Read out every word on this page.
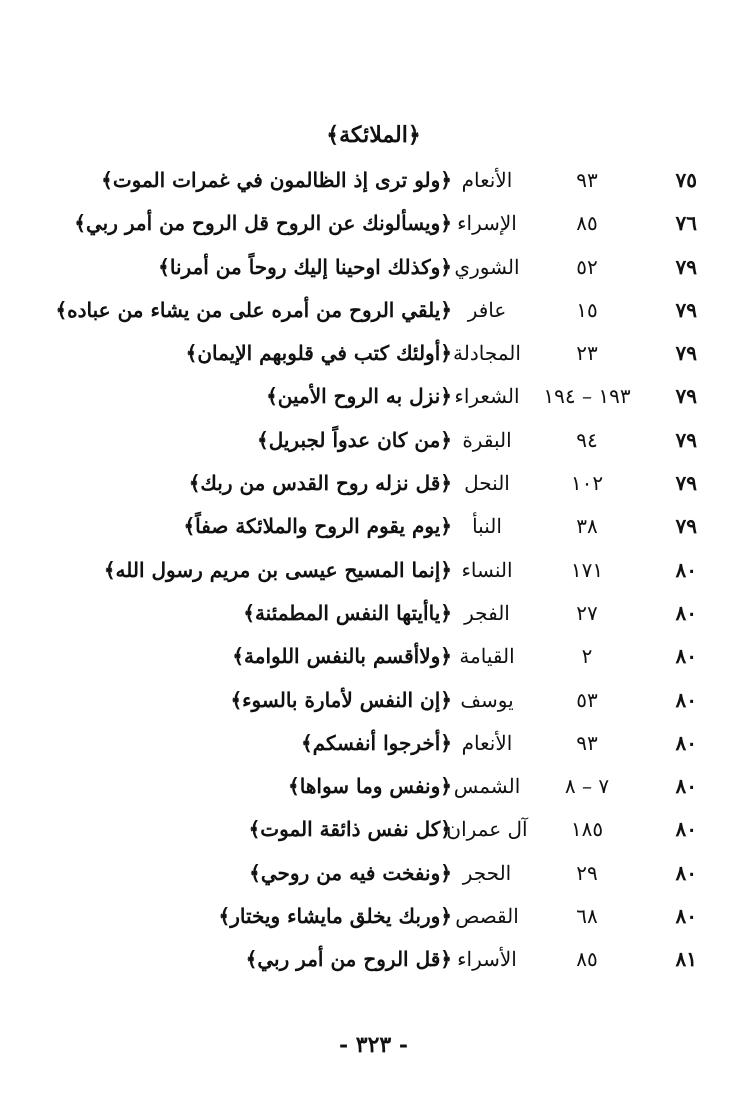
﴿الملائكة﴾
٧٥
٩٣
الأنعام
﴿ولو ترى إذ الظالمون في غمرات الموت﴾
٧٦
٨٥
الإسراء
﴿ويسألونك عن الروح قل الروح من أمر ربي﴾
٧٩
٥٢
الشوري
﴿وكذلك اوحينا إليك روحاً من أمرنا﴾
٧٩
١٥
عافر
﴿يلقي الروح من أمره على من يشاء من عباده﴾
٧٩
٢٣
المجادلة
﴿أولئك كتب في قلوبهم الإيمان﴾
٧٩
١٩٣ – ١٩٤
الشعراء
﴿نزل به الروح الأمين﴾
٧٩
٩٤
البقرة
﴿من كان عدواً لجبريل﴾
٧٩
١٠٢
النحل
﴿قل نزله روح القدس من ربك﴾
٧٩
٣٨
النبأ
﴿يوم يقوم الروح والملائكة صفاً﴾
٨٠
١٧١
النساء
﴿إنما المسيح عيسى بن مريم رسول الله﴾
٨٠
٢٧
الفجر
﴿ياأيتها النفس المطمئنة﴾
٨٠
٢
القيامة
﴿ولاأقسم بالنفس اللوامة﴾
٨٠
٥٣
يوسف
﴿إن النفس لأمارة بالسوء﴾
٨٠
٩٣
الأنعام
﴿أخرجوا أنفسكم﴾
٨٠
٧ – ٨
الشمس
﴿ونفس وما سواها﴾
٨٠
١٨٥
آل عمران
﴿كل نفس ذائقة الموت﴾
٨٠
٢٩
الحجر
﴿ونفخت فيه من روحي﴾
٨٠
٦٨
القصص
﴿وربك يخلق مايشاء ويختار﴾
٨١
٨٥
الأسراء
﴿قل الروح من أمر ربي﴾
- ٣٢٣ -
